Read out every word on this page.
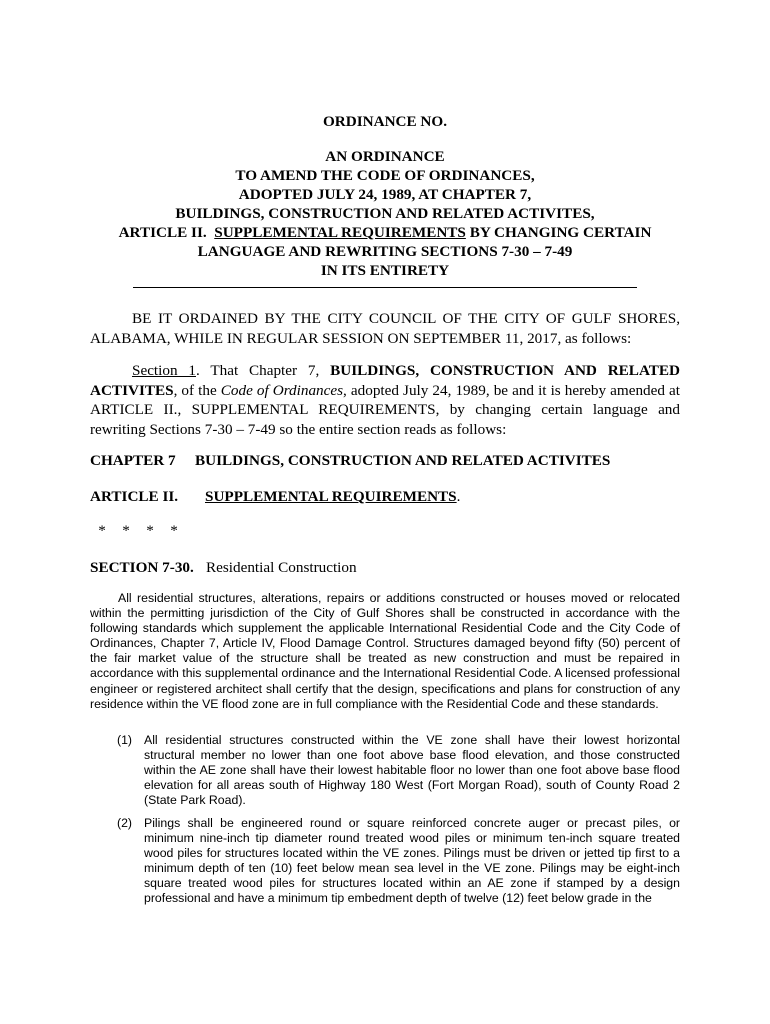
ORDINANCE NO.
AN ORDINANCE
TO AMEND THE CODE OF ORDINANCES,
ADOPTED JULY 24, 1989, AT CHAPTER 7,
BUILDINGS, CONSTRUCTION AND RELATED ACTIVITES,
ARTICLE II. SUPPLEMENTAL REQUIREMENTS BY CHANGING CERTAIN
LANGUAGE AND REWRITING SECTIONS 7-30 – 7-49
IN ITS ENTIRETY
BE IT ORDAINED BY THE CITY COUNCIL OF THE CITY OF GULF SHORES, ALABAMA, WHILE IN REGULAR SESSION ON SEPTEMBER 11, 2017, as follows:
Section 1. That Chapter 7, BUILDINGS, CONSTRUCTION AND RELATED ACTIVITES, of the Code of Ordinances, adopted July 24, 1989, be and it is hereby amended at ARTICLE II., SUPPLEMENTAL REQUIREMENTS, by changing certain language and rewriting Sections 7-30 – 7-49 so the entire section reads as follows:
CHAPTER 7 BUILDINGS, CONSTRUCTION AND RELATED ACTIVITES
ARTICLE II. SUPPLEMENTAL REQUIREMENTS.
* * * *
SECTION 7-30. Residential Construction
All residential structures, alterations, repairs or additions constructed or houses moved or relocated within the permitting jurisdiction of the City of Gulf Shores shall be constructed in accordance with the following standards which supplement the applicable International Residential Code and the City Code of Ordinances, Chapter 7, Article IV, Flood Damage Control. Structures damaged beyond fifty (50) percent of the fair market value of the structure shall be treated as new construction and must be repaired in accordance with this supplemental ordinance and the International Residential Code. A licensed professional engineer or registered architect shall certify that the design, specifications and plans for construction of any residence within the VE flood zone are in full compliance with the Residential Code and these standards.
(1) All residential structures constructed within the VE zone shall have their lowest horizontal structural member no lower than one foot above base flood elevation, and those constructed within the AE zone shall have their lowest habitable floor no lower than one foot above base flood elevation for all areas south of Highway 180 West (Fort Morgan Road), south of County Road 2 (State Park Road).
(2) Pilings shall be engineered round or square reinforced concrete auger or precast piles, or minimum nine-inch tip diameter round treated wood piles or minimum ten-inch square treated wood piles for structures located within the VE zones. Pilings must be driven or jetted tip first to a minimum depth of ten (10) feet below mean sea level in the VE zone. Pilings may be eight-inch square treated wood piles for structures located within an AE zone if stamped by a design professional and have a minimum tip embedment depth of twelve (12) feet below grade in the
